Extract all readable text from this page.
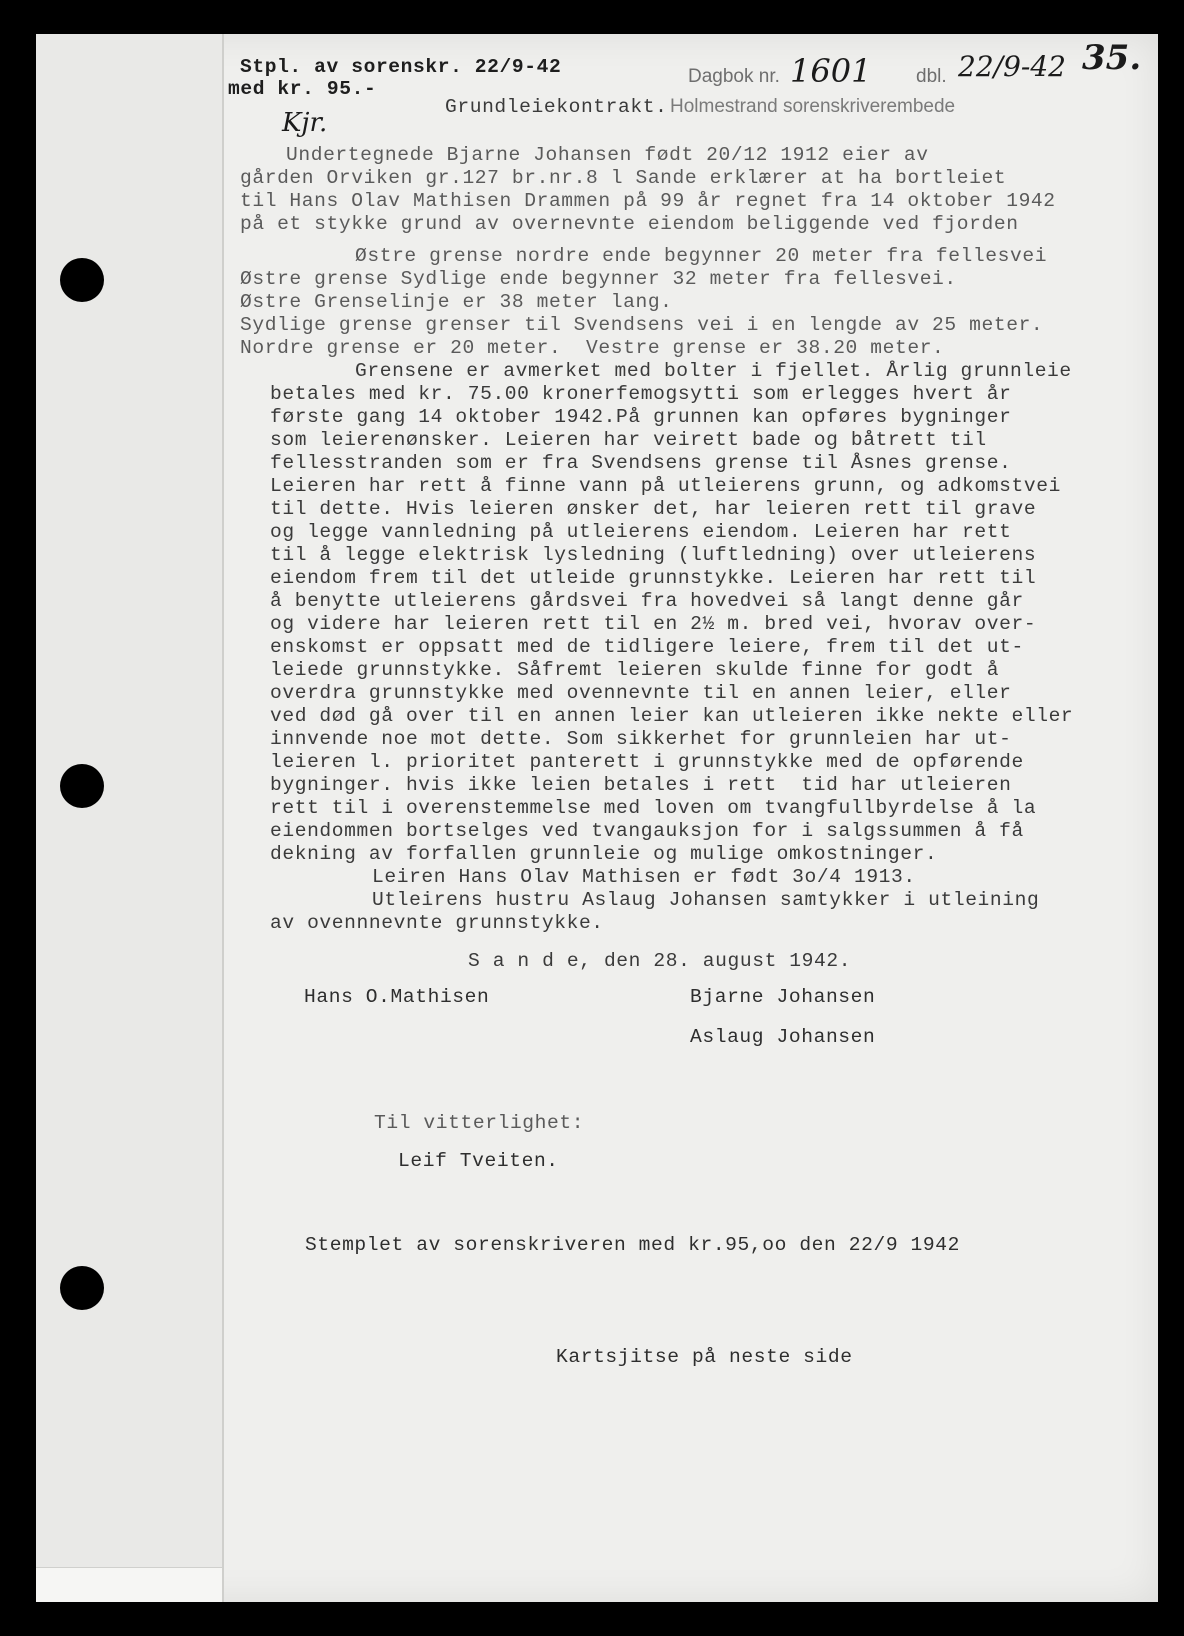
Stpl. av sorenskr. 22/9-42
med kr. 95.-
Kjr.
Dagbok nr. 1601 dbl. 22/9-42 35.
Grundleiekontrakt. Holmestrand sorenskriverembede
Undertegnede Bjarne Johansen født 20/12 1912 eier av
gården Orviken gr.127 br.nr.8 l Sande erklærer at ha bortleiet
til Hans Olav Mathisen Drammen på 99 år regnet fra 14 oktober 1942
på et stykke grund av overnevnte eiendom beliggende ved fjorden
Østre grense nordre ende begynner 20 meter fra fellesvei
Østre grense Sydlige ende begynner 32 meter fra fellesvei.
Østre Grenselinje er 38 meter lang.
Sydlige grense grenser til Svendsens vei i en lengde av 25 meter.
Nordre grense er 20 meter.  Vestre grense er 38.20 meter.
Grensene er avmerket med bolter i fjellet. Årlig grunnleie
betales med kr. 75.00 kronerfemogsytti som erlegges hvert år
første gang 14 oktober 1942.På grunnen kan opføres bygninger
som leierenønsker. Leieren har veirett bade og båtrett til
fellesstranden som er fra Svendsens grense til Åsnes grense.
Leieren har rett å finne vann på utleierens grunn, og adkomstvei
til dette. Hvis leieren ønsker det, har leieren rett til grave
og legge vannledning på utleierens eiendom. Leieren har rett
til å legge elektrisk lysledning (luftledning) over utleierens
eiendom frem til det utleide grunnstykke. Leieren har rett til
å benytte utleierens gårdsvei fra hovedvei så langt denne går
og videre har leieren rett til en 2½ m. bred vei, hvorav over-
enskomst er oppsatt med de tidligere leiere, frem til det ut-
leiede grunnstykke. Såfremt leieren skulde finne for godt å
overdra grunnstykke med ovennevnte til en annen leier, eller
ved død gå over til en annen leier kan utleieren ikke nekte eller
innvende noe mot dette. Som sikkerhet for grunnleien har ut-
leieren l. prioritet panterett i grunnstykke med de opførende
bygninger. hvis ikke leien betales i rett  tid har utleieren
rett til i overenstemmelse med loven om tvangfullbyrdelse å la
eiendommen bortselges ved tvangauksjon for i salgssummen å få
dekning av forfallen grunnleie og mulige omkostninger.
Leiren Hans Olav Mathisen er født 3o/4 1913.
Utleirens hustru Aslaug Johansen samtykker i utleining
av ovennnevnte grunnstykke.
S a n d e, den 28. august 1942.
Hans O.Mathisen	Bjarne Johansen
Aslaug Johansen
Til vitterlighet:
Leif Tveiten.
Stemplet av sorenskriveren med kr.95,oo den 22/9 1942
Kartsjitse på neste side
